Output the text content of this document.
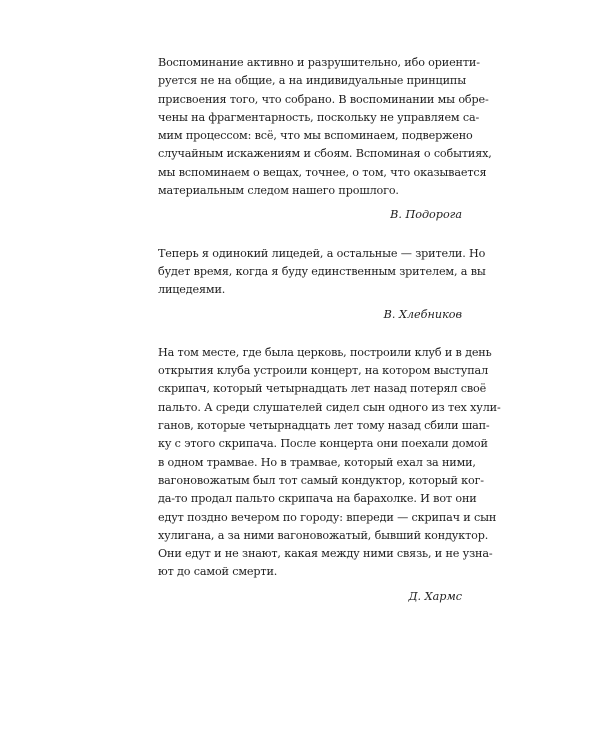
Воспоминание активно и разрушительно, ибо ориенти-
руется не на общие, а на индивидуальные принципы
присвоения того, что собрано. В воспоминании мы обре-
чены на фрагментарность, поскольку не управляем са-
мим процессом: всё, что мы вспоминаем, подвержено
случайным искажениям и сбоям. Вспоминая о событиях,
мы вспоминаем о вещах, точнее, о том, что оказывается
материальным следом нашего прошлого.
В. Подорога
Теперь я одинокий лицедей, а остальные — зрители. Но
будет время, когда я буду единственным зрителем, а вы
лицедеями.
В. Хлебников
На том месте, где была церковь, построили клуб и в день
открытия клуба устроили концерт, на котором выступал
скрипач, который четырнадцать лет назад потерял своё
пальто. А среди слушателей сидел сын одного из тех хули-
ганов, которые четырнадцать лет тому назад сбили шап-
ку с этого скрипача. После концерта они поехали домой
в одном трамвае. Но в трамвае, который ехал за ними,
вагоновожатым был тот самый кондуктор, который ког-
да-то продал пальто скрипача на барахолке. И вот они
едут поздно вечером по городу: впереди — скрипач и сын
хулигана, а за ними вагоновожатый, бывший кондуктор.
Они едут и не знают, какая между ними связь, и не узна-
ют до самой смерти.
Д. Хармс
